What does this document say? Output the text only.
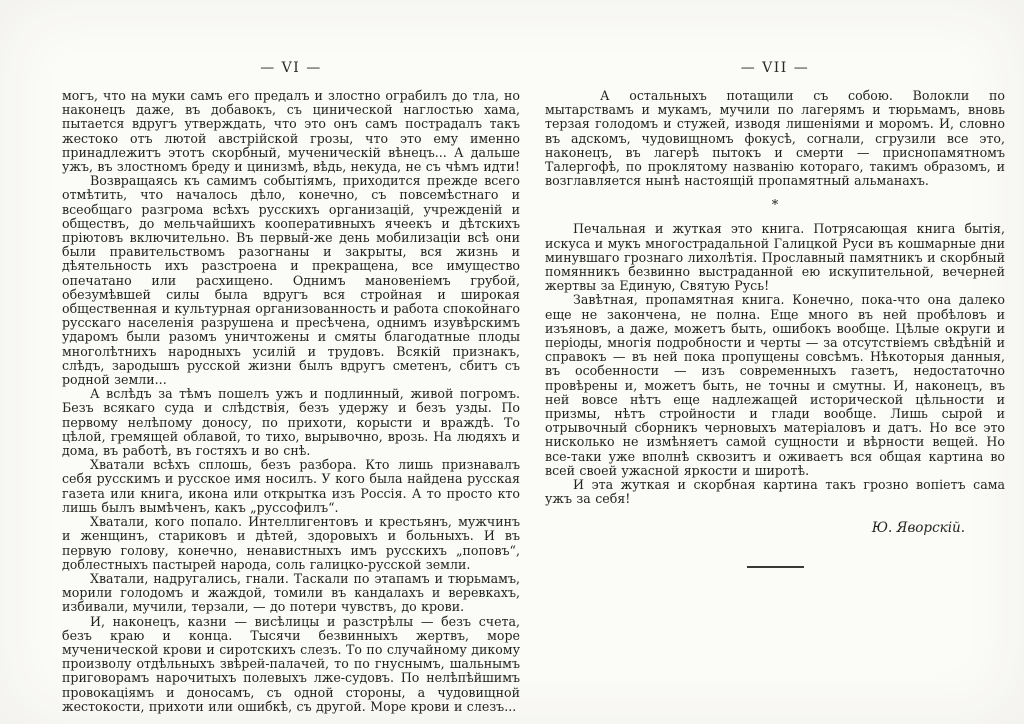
— VI —

могъ, что на муки самъ его предалъ и злостно ограбилъ до тла, но наконецъ даже, въ добавокъ, съ цинической наглостью хама, пытается вдругъ утверждать, что это онъ самъ пострадалъ такъ жестоко отъ лютой австрійской грозы, что это ему именно принадлежитъ этотъ скорбный, мученическій вѣнецъ... А дальше ужъ, въ злостномъ бреду и цинизмѣ, вѣдь, некуда, не съ чѣмъ идти!

Возвращаясь къ самимъ событіямъ, приходится прежде всего отмѣтить, что началось дѣло, конечно, съ повсемѣстнаго и всеобщаго разгрома всѣхъ русскихъ организацій, учрежденій и обществъ, до мельчайшихъ кооперативныхъ ячеекъ и дѣтскихъ пріютовъ включительно. Въ первый-же день мобилизаціи всѣ они были правительствомъ разогнаны и закрыты, вся жизнь и дѣятельность ихъ разстроена и прекращена, все имущество опечатано или расхищено. Однимъ мановеніемъ грубой, обезумѣвшей силы была вдругъ вся стройная и широкая общественная и культурная организованность и работа спокойнаго русскаго населенія разрушена и пресѣчена, однимъ изувѣрскимъ ударомъ были разомъ уничтожены и смяты благодатные плоды многолѣтнихъ народныхъ усилій и трудовъ. Всякій признакъ, слѣдъ, зародышъ русской жизни былъ вдругъ сметенъ, сбитъ съ родной земли...

А вслѣдъ за тѣмъ пошелъ ужъ и подлинный, живой погромъ. Безъ всякаго суда и слѣдствія, безъ удержу и безъ узды. По первому нелѣпому доносу, по прихоти, корысти и враждѣ. То цѣлой, гремящей облавой, то тихо, вырывочно, врозь. На людяхъ и дома, въ работѣ, въ гостяхъ и во снѣ.

Хватали всѣхъ сплошь, безъ разбора. Кто лишь признавалъ себя русскимъ и русское имя носилъ. У кого была найдена русская газета или книга, икона или открытка изъ Россія. А то просто кто лишь былъ вымѣченъ, какъ „руссофилъ“.

Хватали, кого попало. Интеллигентовъ и крестьянъ, мужчинъ и женщинъ, стариковъ и дѣтей, здоровыхъ и больныхъ. И въ первую голову, конечно, ненавистныхъ имъ русскихъ „поповъ“, доблестныхъ пастырей народа, соль галицко-русской земли.

Хватали, надругались, гнали. Таскали по этапамъ и тюрьмамъ, морили голодомъ и жаждой, томили въ кандалахъ и веревкахъ, избивали, мучили, терзали, — до потери чувствъ, до крови.

И, наконецъ, казни — висѣлицы и разстрѣлы — безъ счета, безъ краю и конца. Тысячи безвинныхъ жертвъ, море мученической крови и сиротскихъ слезъ. То по случайному дикому произволу отдѣльныхъ звѣрей-палачей, то по гнуснымъ, шальнымъ приговорамъ нарочитыхъ полевыхъ лже-судовъ. По нелѣпѣйшимъ провокаціямъ и доносамъ, съ одной стороны, а чудовищной жестокости, прихоти или ошибкѣ, съ другой. Море крови и слезъ...

— VII —

А остальныхъ потащили съ собою. Волокли по мытарствамъ и мукамъ, мучили по лагерямъ и тюрьмамъ, вновь терзая голодомъ и стужей, изводя лишеніями и моромъ. И, словно въ адскомъ, чудовищномъ фокусѣ, согнали, сгрузили все это, наконецъ, въ лагерѣ пытокъ и смерти — приснопамятномъ Талергофѣ, по проклятому названію котораго, такимъ образомъ, и возглавляется нынѣ настоящій пропамятный альманахъ.

*

Печальная и жуткая это книга. Потрясающая книга бытія, искуса и мукъ многострадальной Галицкой Руси въ кошмарные дни минувшаго грознаго лихолѣтія. Прославный памятникъ и скорбный помянникъ безвинно выстраданной ею искупительной, вечерней жертвы за Единую, Святую Русь!

Завѣтная, пропамятная книга. Конечно, пока-что она далеко еще не закончена, не полна. Еще много въ ней пробѣловъ и изъяновъ, а даже, можетъ быть, ошибокъ вообще. Цѣлые округи и періоды, многія подробности и черты — за отсутствіемъ свѣдѣній и справокъ — въ ней пока пропущены совсѣмъ. Нѣкоторыя данныя, въ особенности — изъ современныхъ газетъ, недостаточно провѣрены и, можетъ быть, не точны и смутны. И, наконецъ, въ ней вовсе нѣтъ еще надлежащей исторической цѣльности и призмы, нѣтъ стройности и глади вообще. Лишь сырой и отрывочный сборникъ черновыхъ матеріаловъ и датъ. Но все это нисколько не измѣняетъ самой сущности и вѣрности вещей. Но все-таки уже вполнѣ сквозитъ и оживаетъ вся общая картина во всей своей ужасной яркости и широтѣ.

И эта жуткая и скорбная картина такъ грозно вопіетъ сама ужъ за себя!

Ю. Яворскій.
